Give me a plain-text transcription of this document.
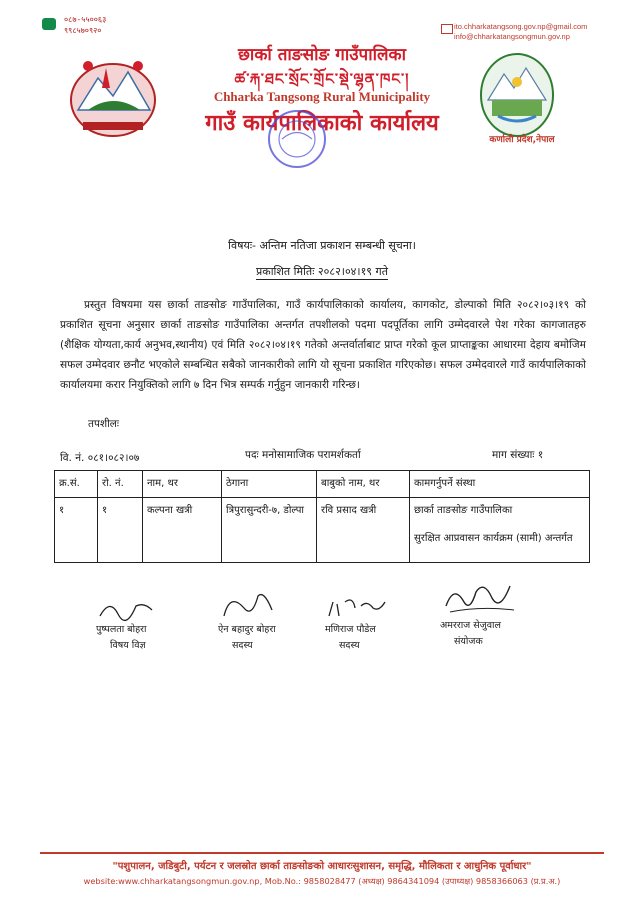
०८७-५५००६३
९९८५७०९२०	ito.chharkatangsong.gov.np@gmail.com
info@chharkatangsongmun.gov.np
छार्का ताङसोङ गाउँपालिका
ཚ་རྐ་ཐང་སྲོང་གྲོང་སྡེ་ལྷན་ཁང་།
Chharka Tangsong Rural Municipality
गाउँ कार्यपालिकाको कार्यालय
कर्णाली प्रदेश,नेपाल
विषयः- अन्तिम नतिजा प्रकाशन सम्बन्धी सूचना।
प्रकाशित मितिः २०८२।०४।१९ गते
प्रस्तुत विषयमा यस छार्का ताङसोङ गाउँपालिका, गाउँ कार्यपालिकाको कार्यालय, कागकोट, डोल्पाको मिति २०८२।०३।१९ को प्रकाशित सूचना अनुसार छार्का ताङसोङ गाउँपालिका अन्तर्गत तपशीलको पदमा पदपूर्तिका लागि उम्मेदवारले पेश गरेका कागजातहरु (शैक्षिक योग्यता,कार्य अनुभव,स्थानीय) एवं मिति २०८२।०४।१९ गतेको अन्तर्वार्ताबाट प्राप्त गरेको कूल प्राप्ताङ्कका आधारमा देहाय बमोजिम सफल उम्मेदवार छनौट भएकोले सम्बन्धित सबैको जानकारीको लागि यो सूचना प्रकाशित गरिएकोछ। सफल उम्मेदवारले गाउँ कार्यपालिकाको कार्यालयमा करार नियुक्तिको लागि ७ दिन भित्र सम्पर्क गर्नुहुन जानकारी गरिन्छ।
तपशीलः
वि. नं. ०८१।०८२।०७	पदः मनोसामाजिक परामर्शकर्ता	माग संख्याः १
क्र.सं.	रो. नं.	नाम, थर	ठेगाना	बाबुको नाम, थर	कामगर्नुपर्ने संस्था
१	१	कल्पना खत्री	त्रिपुरासुन्दरी-७, डोल्पा	रवि प्रसाद खत्री	छार्का ताङसोङ गाउँपालिका
सुरक्षित आप्रवासन कार्यक्रम (सामी) अन्तर्गत
पुष्पलता बोहरा
विषय विज्ञ
ऐन बहादुर बोहरा
सदस्य
मणिराज पौडेल
सदस्य
अमरराज सेजुवाल
संयोजक
"पशुपालन, जडिबुटी, पर्यटन र जलस्रोत छार्का ताङसोङको आधारःसुशासन, समृद्धि, मौलिकता र आधुनिक पूर्वाधार"
website:www.chharkatangsongmun.gov.np, Mob.No.: 9858028477 (अध्यक्ष) 9864341094 (उपाध्यक्ष) 9858366063 (प्र.प्र.अ.)
